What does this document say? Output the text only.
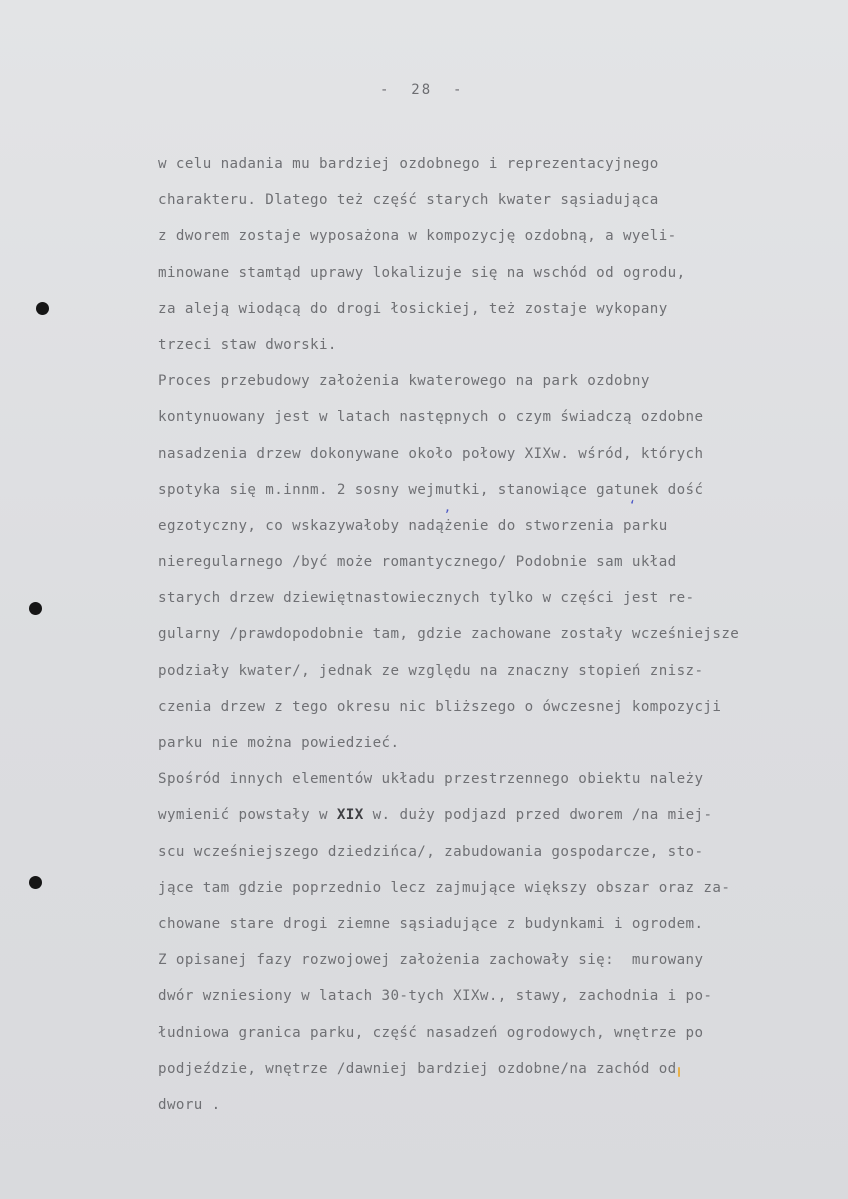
-  28  -
w celu nadania mu bardziej ozdobnego i reprezentacyjnego
charakteru. Dlatego też część starych kwater sąsiadująca
z dworem zostaje wyposażona w kompozycję ozdobną, a wyeli-
minowane stamtąd uprawy lokalizuje się na wschód od ogrodu,
za aleją wiodącą do drogi łosickiej, też zostaje wykopany
trzeci staw dworski.
Proces przebudowy założenia kwaterowego na park ozdobny
kontynuowany jest w latach następnych o czym świadczą ozdobne
nasadzenia drzew dokonywane około połowy XIXw. wśród, których
spotyka się m.innm. 2 sosny wejmutki, stanowiące gatunek dość
egzotyczny, co wskazywałoby nadążenie do stworzenia parku
nieregularnego /być może romantycznego/ Podobnie sam układ
starych drzew dziewiętnastowiecznych tylko w części jest re-
gularny /prawdopodobnie tam, gdzie zachowane zostały wcześniejsze
podziały kwater/, jednak ze względu na znaczny stopień znisz-
czenia drzew z tego okresu nic bliższego o ówczesnej kompozycji
parku nie można powiedzieć.
Spośród innych elementów układu przestrzennego obiektu należy
wymienić powstały w XIX w. duży podjazd przed dworem /na miej-
scu wcześniejszego dziedzińca/, zabudowania gospodarcze, sto-
jące tam gdzie poprzednio lecz zajmujące większy obszar oraz za-
chowane stare drogi ziemne sąsiadujące z budynkami i ogrodem.
Z opisanej fazy rozwojowej założenia zachowały się:  murowany
dwór wzniesiony w latach 30-tych XIXw., stawy, zachodnia i po-
łudniowa granica parku, część nasadzeń ogrodowych, wnętrze po
podjeździe, wnętrze /dawniej bardziej ozdobne/na zachód od
dworu .
,	ʻ
